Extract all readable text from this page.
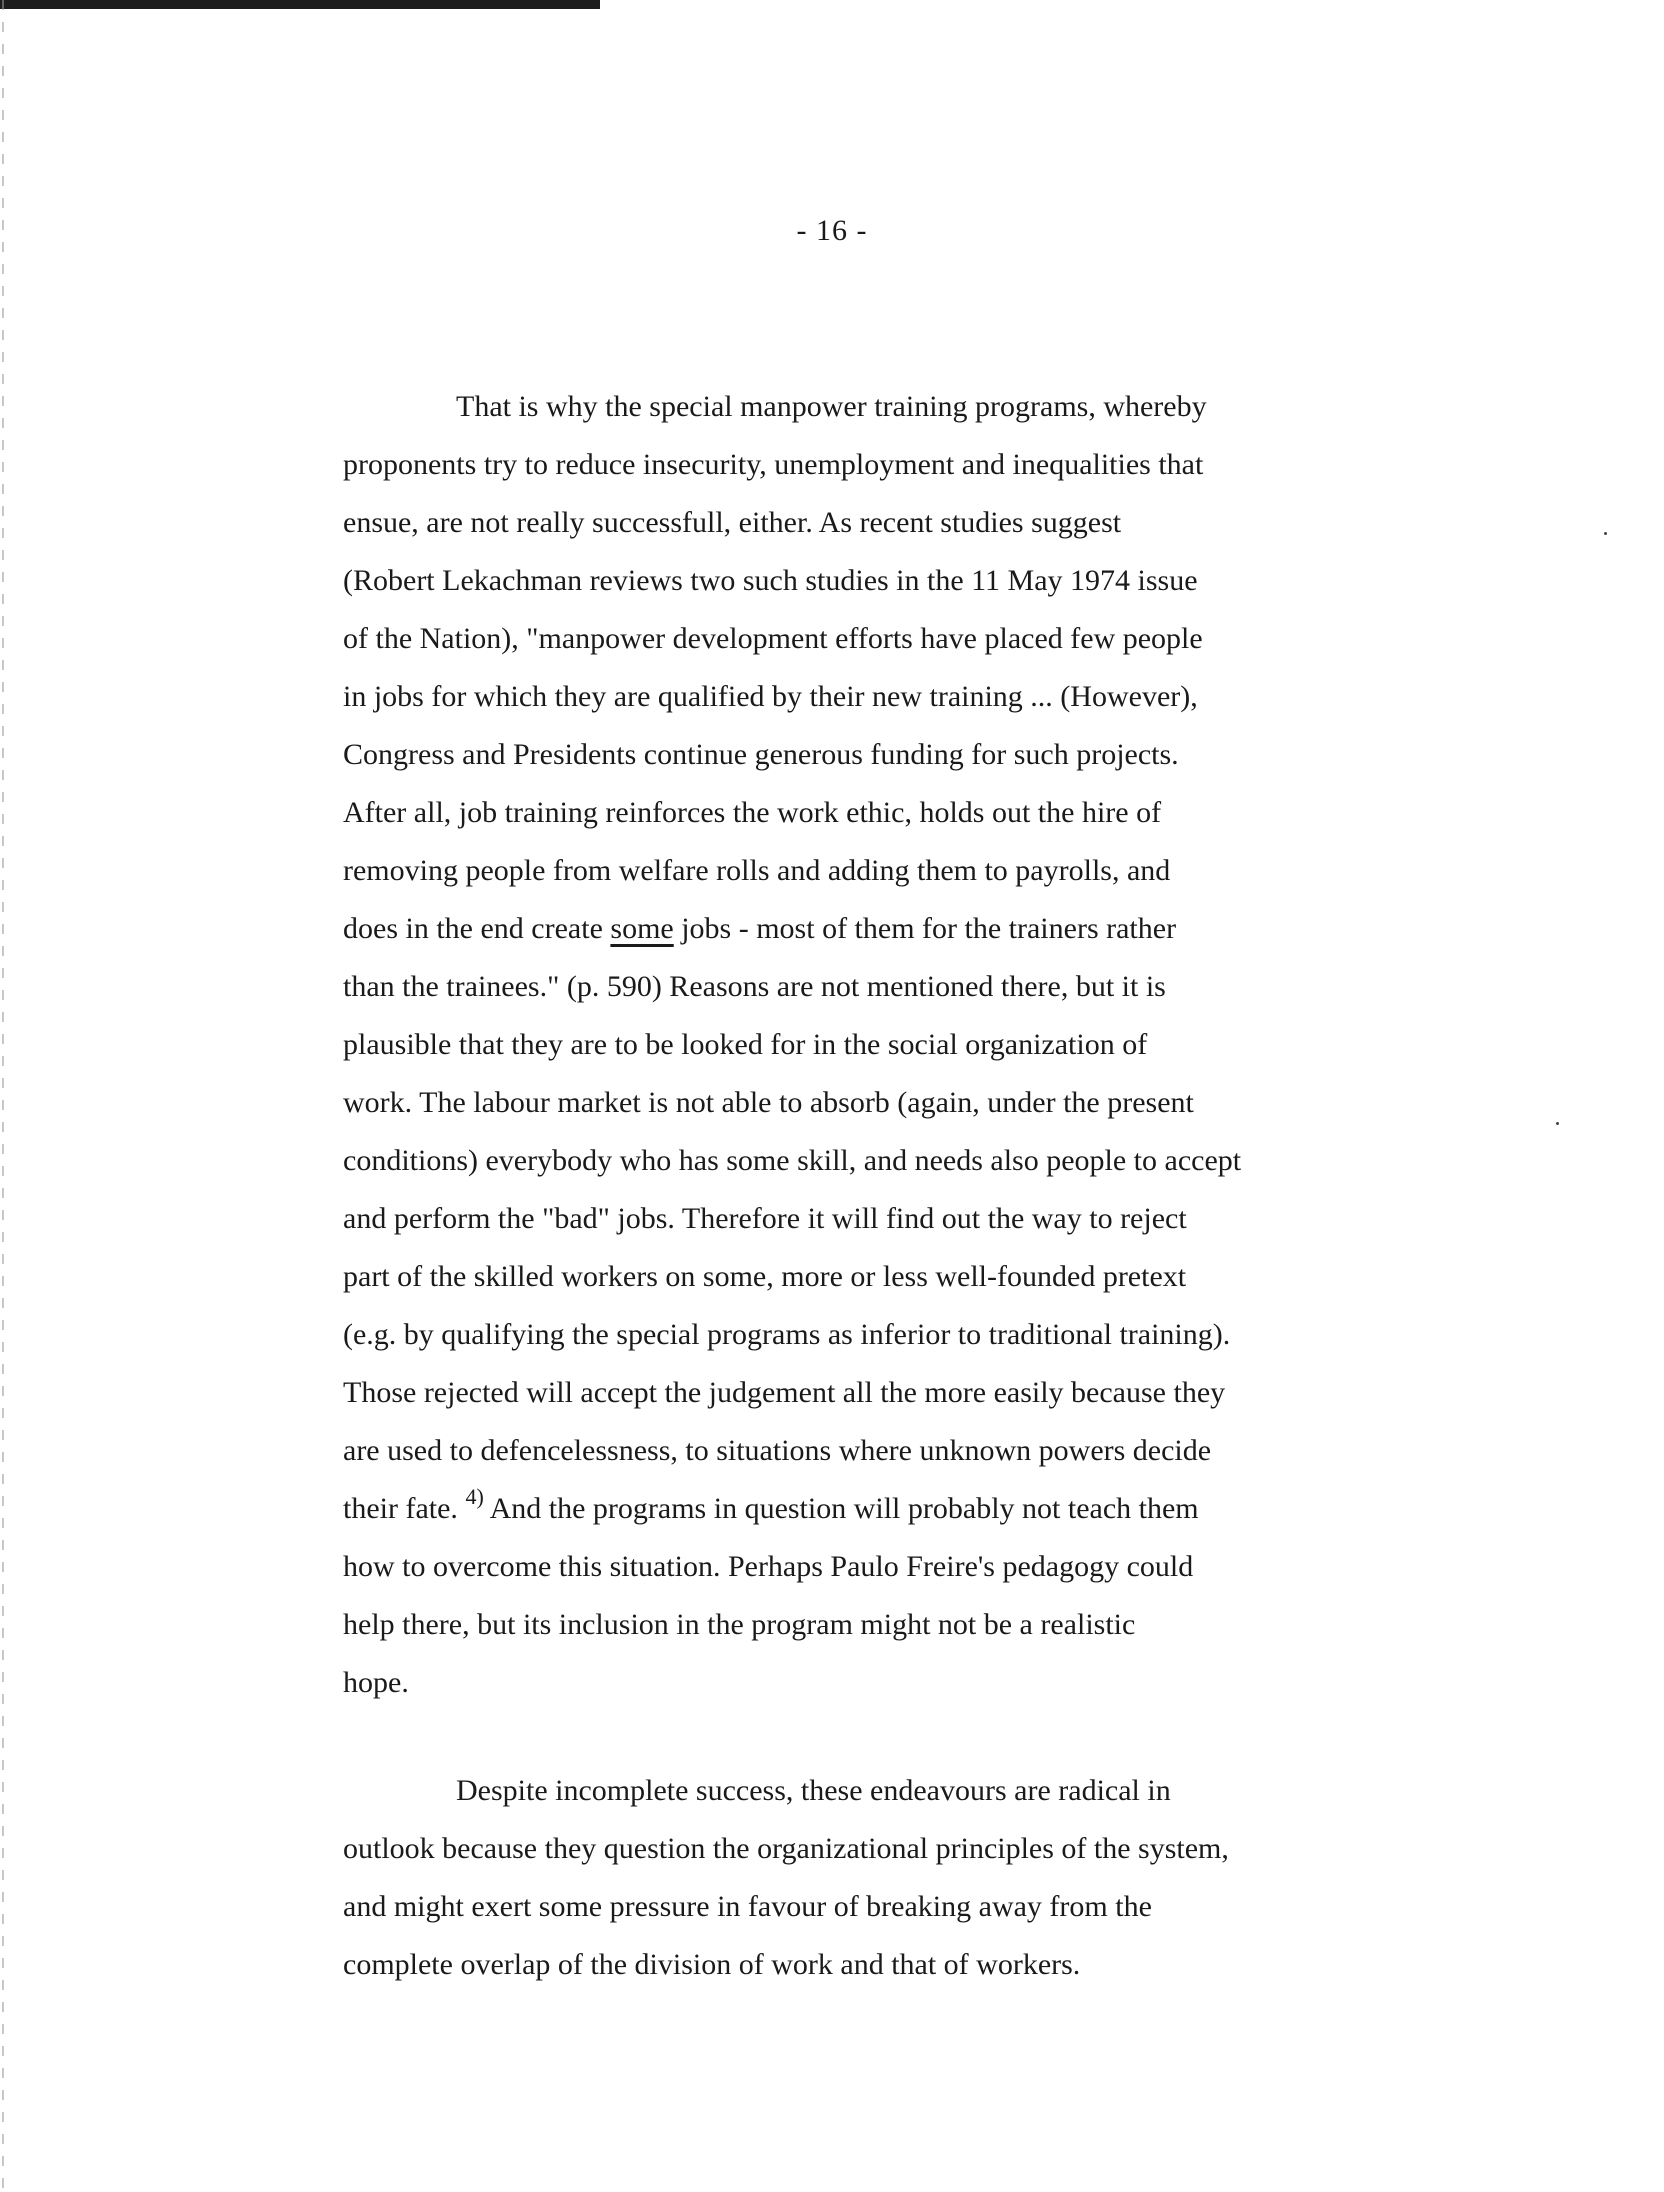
- 16 -
That is why the special manpower training programs, whereby
proponents try to reduce insecurity, unemployment and inequalities that
ensue, are not really successfull, either. As recent studies suggest
(Robert Lekachman reviews two such studies in the 11 May 1974 issue
of the Nation), "manpower development efforts have placed few people
in jobs for which they are qualified by their new training ... (However),
Congress and Presidents continue generous funding for such projects.
After all, job training reinforces the work ethic, holds out the hire of
removing people from welfare rolls and adding them to payrolls, and
does in the end create some jobs - most of them for the trainers rather
than the trainees." (p. 590) Reasons are not mentioned there, but it is
plausible that they are to be looked for in the social organization of
work. The labour market is not able to absorb (again, under the present
conditions) everybody who has some skill, and needs also people to accept
and perform the "bad" jobs. Therefore it will find out the way to reject
part of the skilled workers on some, more or less well-founded pretext
(e.g. by qualifying the special programs as inferior to traditional training).
Those rejected will accept the judgement all the more easily because they
are used to defencelessness, to situations where unknown powers decide
their fate. $^{4)}$ And the programs in question will probably not teach them
how to overcome this situation. Perhaps Paulo Freire's pedagogy could
help there, but its inclusion in the program might not be a realistic
hope.
Despite incomplete success, these endeavours are radical in
outlook because they question the organizational principles of the system,
and might exert some pressure in favour of breaking away from the
complete overlap of the division of work and that of workers.
